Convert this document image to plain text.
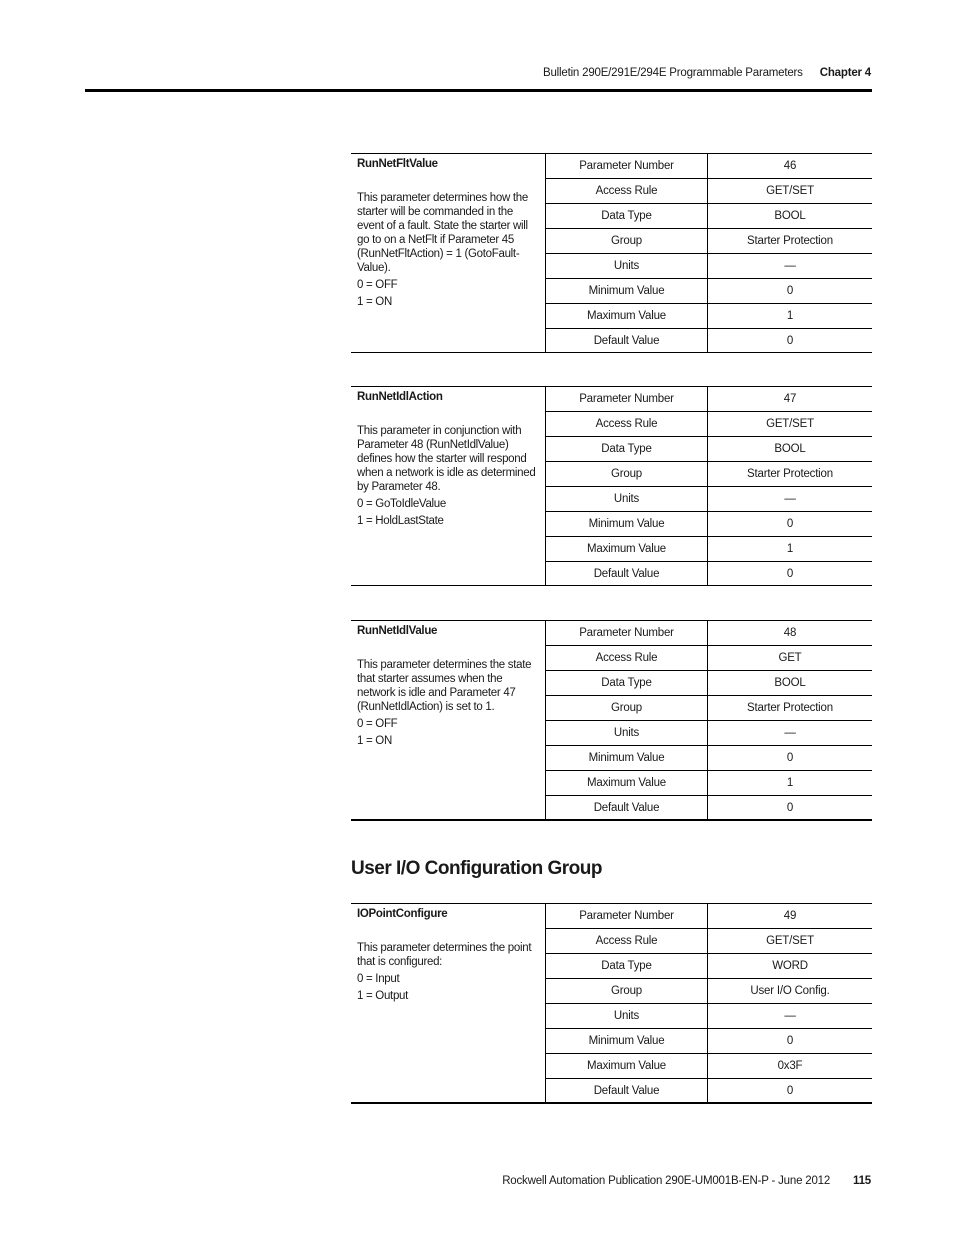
Bulletin 290E/291E/294E Programmable Parameters Chapter 4
RunNetFltValue
This parameter determines how the starter will be commanded in the event of a fault. State the starter will go to on a NetFlt if Parameter 45 (RunNetFltAction) = 1 (GotoFault-Value).
0 = OFF
1 = ON
Parameter Number	46
Access Rule	GET/SET
Data Type	BOOL
Group	Starter Protection
Units	—
Minimum Value	0
Maximum Value	1
Default Value	0
RunNetIdlAction
This parameter in conjunction with Parameter 48 (RunNetIdlValue) defines how the starter will respond when a network is idle as determined by Parameter 48.
0 = GoToIdleValue
1 = HoldLastState
Parameter Number	47
Access Rule	GET/SET
Data Type	BOOL
Group	Starter Protection
Units	—
Minimum Value	0
Maximum Value	1
Default Value	0
RunNetIdlValue
This parameter determines the state that starter assumes when the network is idle and Parameter 47 (RunNetIdlAction) is set to 1.
0 = OFF
1 = ON
Parameter Number	48
Access Rule	GET
Data Type	BOOL
Group	Starter Protection
Units	—
Minimum Value	0
Maximum Value	1
Default Value	0
User I/O Configuration Group
IOPointConfigure
This parameter determines the point that is configured:
0 = Input
1 = Output
Parameter Number	49
Access Rule	GET/SET
Data Type	WORD
Group	User I/O Config.
Units	—
Minimum Value	0
Maximum Value	0x3F
Default Value	0
Rockwell Automation Publication 290E-UM001B-EN-P - June 2012 115
